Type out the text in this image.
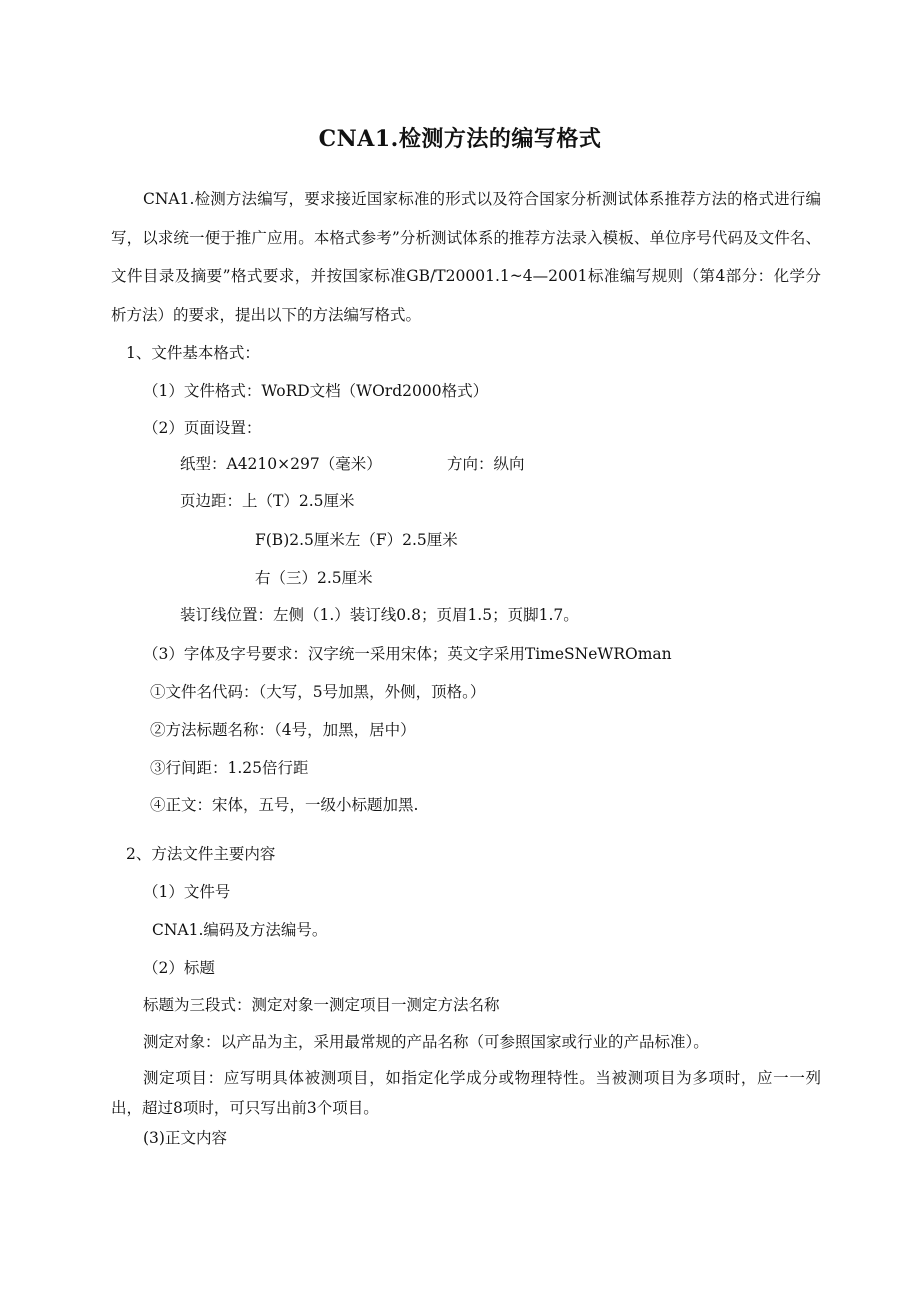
CNA1.检测方法的编写格式

CNA1.检测方法编写，要求接近国家标准的形式以及符合国家分析测试体系推荐方法的格式进行编写，以求统一便于推广应用。本格式参考”分析测试体系的推荐方法录入模板、单位序号代码及文件名、文件目录及摘要”格式要求，并按国家标准GB/T20001.1~4—2001标准编写规则（第4部分：化学分析方法）的要求，提出以下的方法编写格式。

1、文件基本格式：
（1）文件格式：WoRD文档（WOrd2000格式）
（2）页面设置：
纸型：A4210×297（毫米）	方向：纵向
页边距：上（T）2.5厘米
F(B)2.5厘米左（F）2.5厘米
右（三）2.5厘米
装订线位置：左侧（1.）装订线0.8；页眉1.5；页脚1.7。
（3）字体及字号要求：汉字统一采用宋体；英文字采用TimeSNeWROman
①文件名代码：（大写，5号加黑，外侧，顶格。）
②方法标题名称：（4号，加黑，居中）
③行间距：1.25倍行距
④正文：宋体，五号，一级小标题加黑.
2、方法文件主要内容
（1）文件号
CNA1.编码及方法编号。
（2）标题
标题为三段式：测定对象一测定项目一测定方法名称
测定对象：以产品为主，采用最常规的产品名称（可参照国家或行业的产品标准）。

测定项目：应写明具体被测项目，如指定化学成分或物理特性。当被测项目为多项时，应一一列出，超过8项时，可只写出前3个项目。

(3)正文内容
